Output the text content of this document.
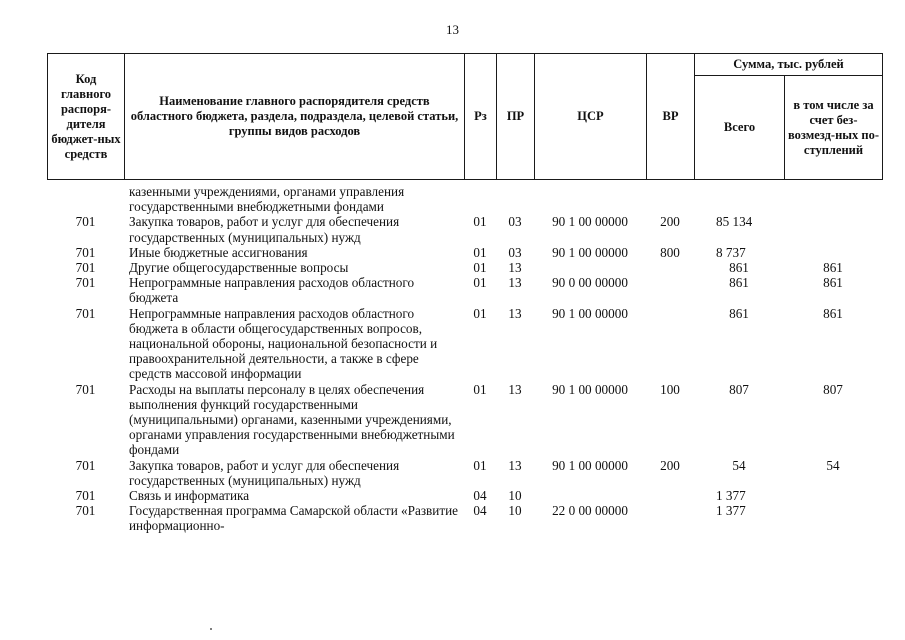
13
Код главного распоря-дителя бюджет-ных средств	Наименование главного распорядителя средств областного бюджета, раздела, подраздела, целевой статьи, группы видов расходов	Рз	ПР	ЦСР	ВР	Сумма, тыс. рублей	
						Всего	в том числе за счет без-возмезд-ных по-ступлений
	казенными учреждениями, органами управления государственными внебюджетными фондами						
701	Закупка товаров, работ и услуг для обеспечения государственных (муниципальных) нужд	01	03	90 1 00 00000	200	85 134	
701	Иные бюджетные ассигнования	01	03	90 1 00 00000	800	8 737	
701	Другие общегосударственные вопросы	01	13			861	861
701	Непрограммные направления расходов областного бюджета	01	13	90 0 00 00000		861	861
701	Непрограммные направления расходов областного бюджета в области общегосударственных вопросов, национальной обороны, национальной безопасности и правоохранительной деятельности, а также в сфере средств массовой информации	01	13	90 1 00 00000		861	861
701	Расходы на выплаты персоналу в целях обеспечения выполнения функций государственными (муниципальными) органами, казенными учреждениями, органами управления государственными внебюджетными фондами	01	13	90 1 00 00000	100	807	807
701	Закупка товаров, работ и услуг для обеспечения государственных (муниципальных) нужд	01	13	90 1 00 00000	200	54	54
701	Связь и информатика	04	10			1 377	
701	Государственная программа Самарской области «Развитие информационно-	04	10	22 0 00 00000		1 377	
